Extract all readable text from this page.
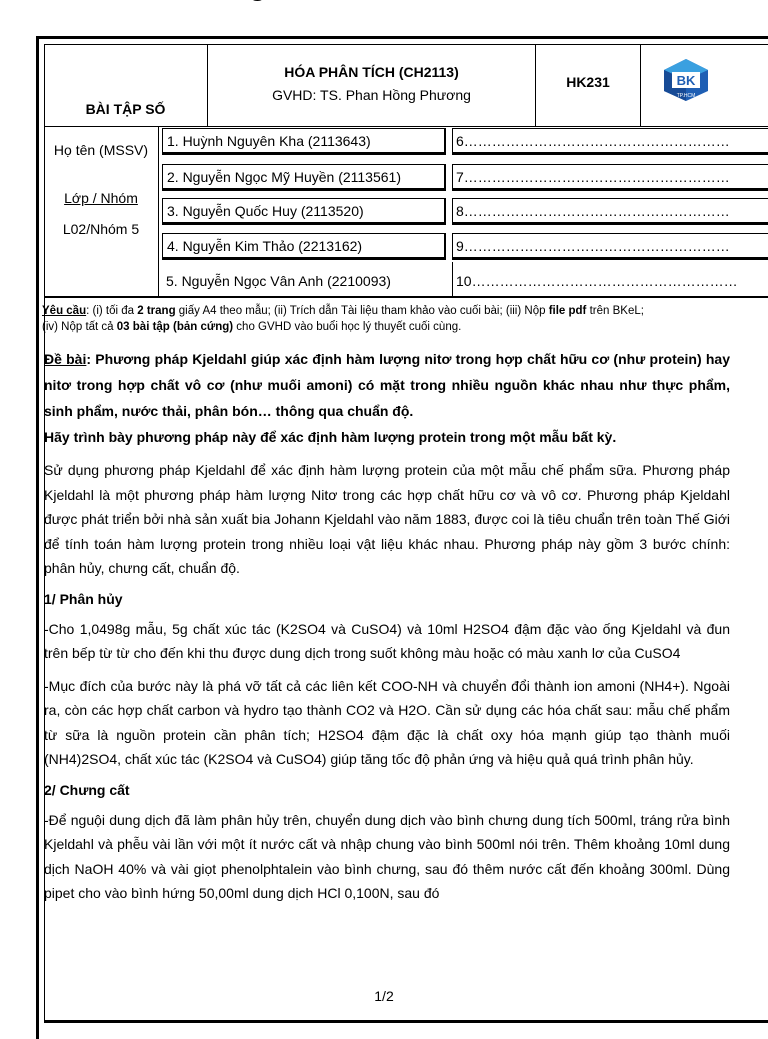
BÀI TẬP SỐ
HÓA PHÂN TÍCH (CH2113)
GVHD: TS. Phan Hồng Phương
HK231	BK
TP.HCM
Họ tên (MSSV)
Lớp / Nhóm
L02/Nhóm 5
1. Huỳnh Nguyên Kha (2113643)
2. Nguyễn Ngọc Mỹ Huyền (2113561)
3. Nguyễn Quốc Huy (2113520)
4. Nguyễn Kim Thảo (2213162)
5. Nguyễn Ngọc Vân Anh (2210093)
6…………………………………………………
7…………………………………………………
8…………………………………………………
9…………………………………………………
10…………………………………………………
Yêu cầu: (i) tối đa 2 trang giấy A4 theo mẫu; (ii) Trích dẫn Tài liệu tham khảo vào cuối bài; (iii) Nộp file pdf trên BKeL;
(iv) Nộp tất cả 03 bài tập (bản cứng) cho GVHD vào buổi học lý thuyết cuối cùng.

Đề bài: Phương pháp Kjeldahl giúp xác định hàm lượng nitơ trong hợp chất hữu cơ (như protein) hay nitơ trong hợp chất vô cơ (như muối amoni) có mặt trong nhiều nguồn khác nhau như thực phẩm, sinh phẩm, nước thải, phân bón… thông qua chuẩn độ.

Hãy trình bày phương pháp này để xác định hàm lượng protein trong một mẫu bất kỳ.

Sử dụng phương pháp Kjeldahl để xác định hàm lượng protein của một mẫu chế phẩm sữa. Phương pháp Kjeldahl là một phương pháp hàm lượng Nitơ trong các hợp chất hữu cơ và vô cơ. Phương pháp Kjeldahl được phát triển bởi nhà sản xuất bia Johann Kjeldahl vào năm 1883, được coi là tiêu chuẩn trên toàn Thế Giới để tính toán hàm lượng protein trong nhiều loại vật liệu khác nhau. Phương pháp này gồm 3 bước chính: phân hủy, chưng cất, chuẩn độ.

1/ Phân hủy

-Cho 1,0498g mẫu, 5g chất xúc tác (K2SO4 và CuSO4) và 10ml H2SO4 đậm đặc vào ống Kjeldahl và đun trên bếp từ từ cho đến khi thu được dung dịch trong suốt không màu hoặc có màu xanh lơ của CuSO4

-Mục đích của bước này là phá vỡ tất cả các liên kết COO-NH và chuyển đổi thành ion amoni (NH4+). Ngoài ra, còn các hợp chất carbon và hydro tạo thành CO2 và H2O. Cần sử dụng các hóa chất sau: mẫu chế phẩm từ sữa là nguồn protein cần phân tích; H2SO4 đậm đặc là chất oxy hóa mạnh giúp tạo thành muối (NH4)2SO4, chất xúc tác (K2SO4 và CuSO4) giúp tăng tốc độ phản ứng và hiệu quả quá trình phân hủy.

2/ Chưng cất

-Để nguội dung dịch đã làm phân hủy trên, chuyển dung dịch vào bình chưng dung tích 500ml, tráng rửa bình Kjeldahl và phễu vài lần với một ít nước cất và nhập chung vào bình 500ml nói trên. Thêm khoảng 10ml dung dịch NaOH 40% và vài giọt phenolphtalein vào bình chưng, sau đó thêm nước cất đến khoảng 300ml. Dùng pipet cho vào bình hứng 50,00ml dung dịch HCl 0,100N, sau đó

1/2
